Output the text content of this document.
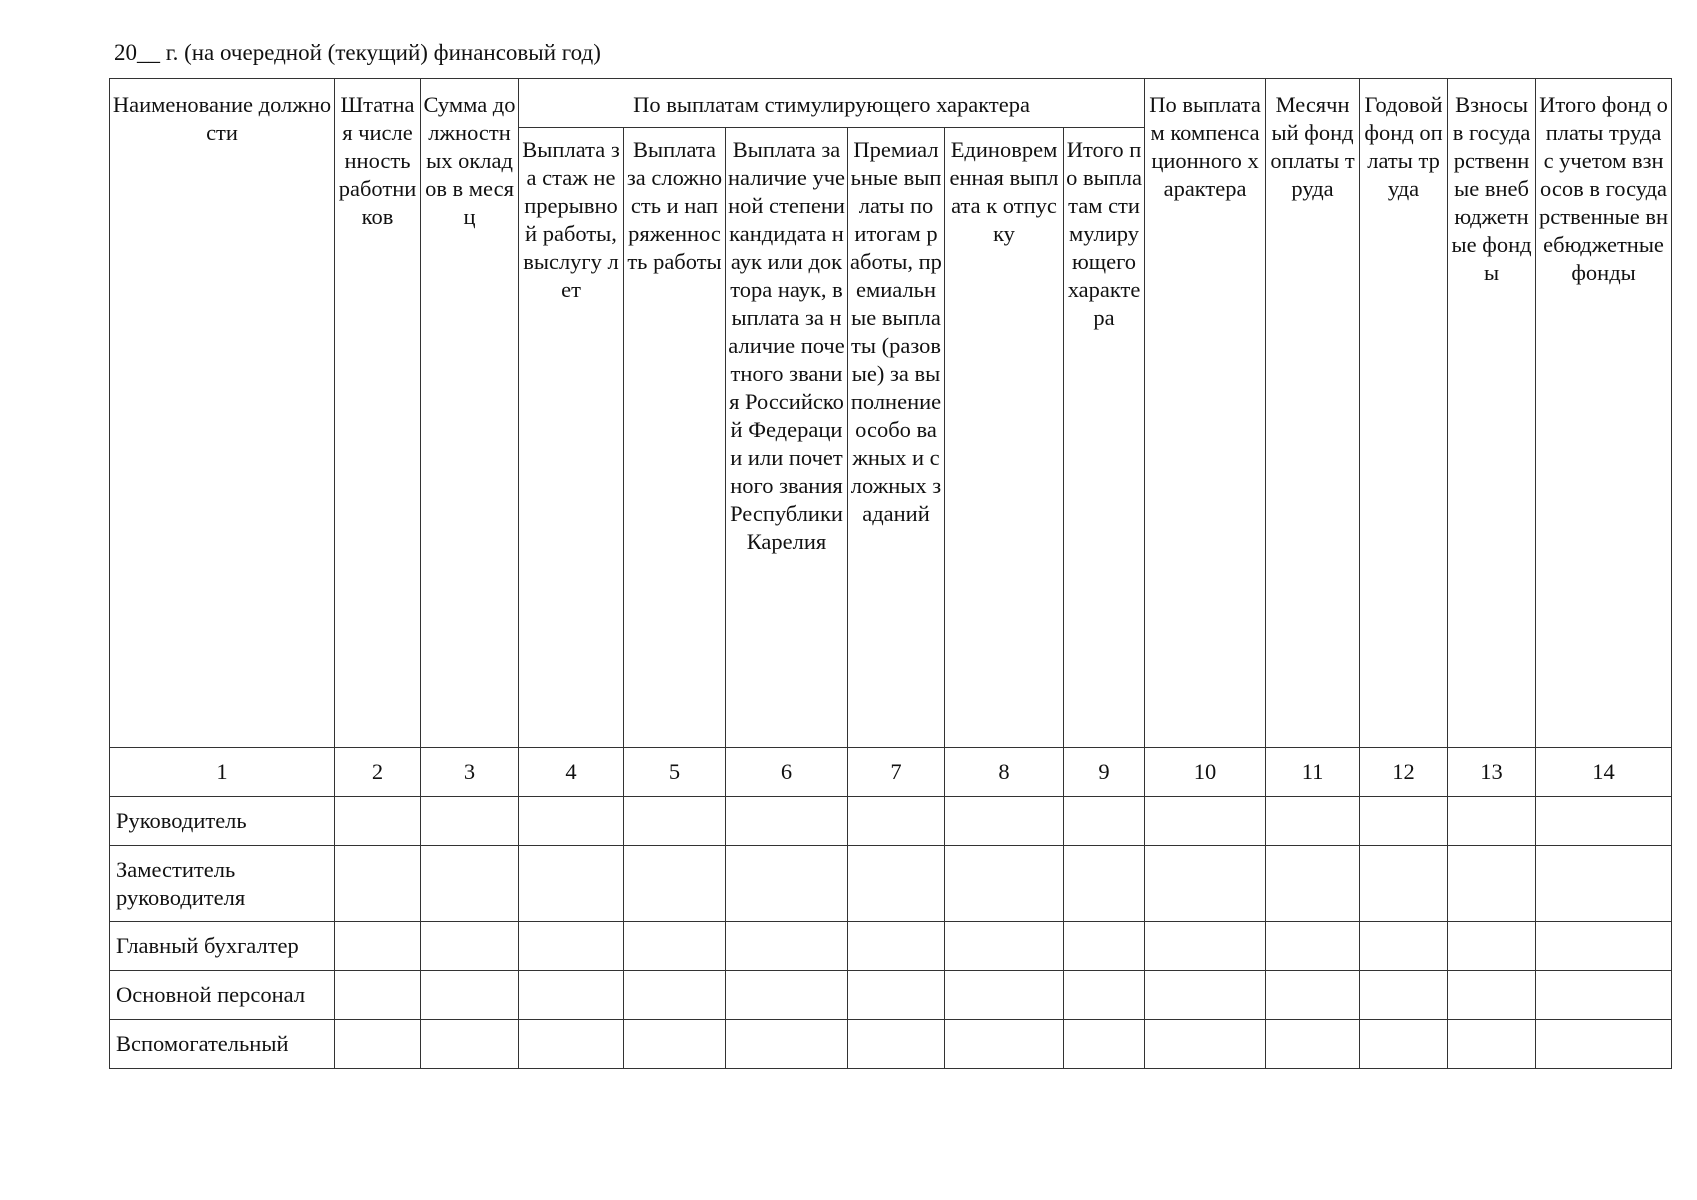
20__ г. (на очередной (текущий) финансовый год)
Наименование должности	Штатная численность работников	Сумма должностных окладов в месяц	По выплатам стимулирующего характера						По выплатам компенсационного характера	Месячный фонд оплаты труда	Годовой фонд оплаты труда	Взносы в государственные внебюджетные фонды	Итого фонд оплаты труда с учетом взносов в государственные внебюджетные фонды
			Выплата за стаж непрерывной работы, выслугу лет	Выплата за сложность и напряженность работы	Выплата за наличие ученой степени кандидата наук или доктора наук, выплата за наличие почетного звания Российской Федерации или почетного звания Республики Карелия	Премиальные выплаты по итогам работы, премиальные выплаты (разовые) за выполнение особо важных и сложных заданий	Единовременная выплата к отпуску	Итого по выплатам стимулирующего характера					
1	2	3	4	5	6	7	8	9	10	11	12	13	14
Руководитель													
Заместитель руководителя													
Главный бухгалтер													
Основной персонал													
Вспомогательный													
